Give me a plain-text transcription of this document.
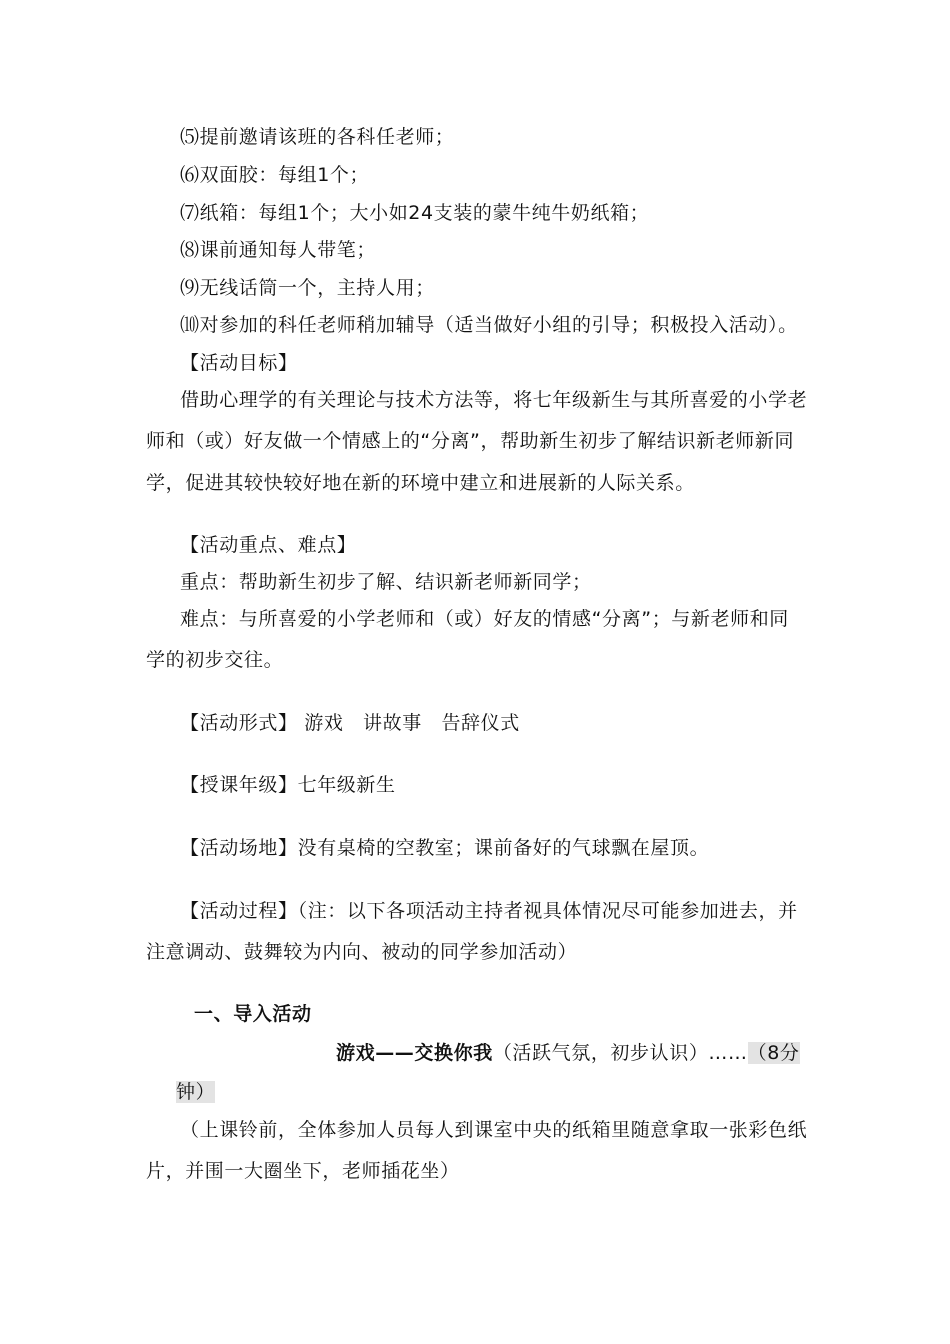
⑸提前邀请该班的各科任老师；
⑹双面胶：每组1个；
⑺纸箱：每组1个；大小如24支装的蒙牛纯牛奶纸箱；
⑻课前通知每人带笔；
⑼无线话筒一个，主持人用；
⑽对参加的科任老师稍加辅导（适当做好小组的引导；积极投入活动）。
【活动目标】
借助心理学的有关理论与技术方法等，将七年级新生与其所喜爱的小学老
师和（或）好友做一个情感上的“分离”，帮助新生初步了解结识新老师新同
学，促进其较快较好地在新的环境中建立和进展新的人际关系。
【活动重点、难点】
重点：帮助新生初步了解、结识新老师新同学；
难点：与所喜爱的小学老师和（或）好友的情感“分离”；与新老师和同
学的初步交往。
【活动形式】 游戏　讲故事　告辞仪式
【授课年级】七年级新生
【活动场地】没有桌椅的空教室；课前备好的气球飘在屋顶。
【活动过程】（注：以下各项活动主持者视具体情况尽可能参加进去，并
注意调动、鼓舞较为内向、被动的同学参加活动）
一、导入活动
游戏——交换你我（活跃气氛，初步认识）……（8分
钟）
（上课铃前，全体参加人员每人到课室中央的纸箱里随意拿取一张彩色纸
片，并围一大圈坐下，老师插花坐）
